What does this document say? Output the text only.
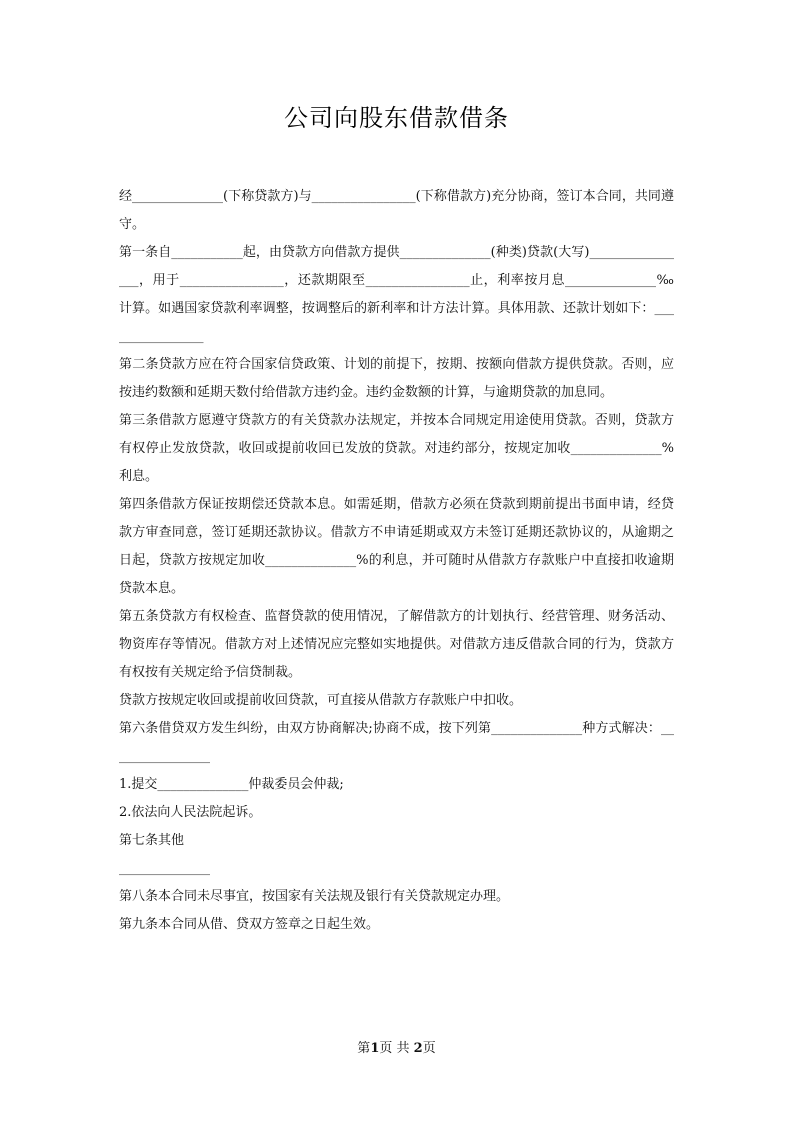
公司向股东借款借条

经______________(下称贷款方)与________________(下称借款方)充分协商，签订本合同，共同遵守。

第一条自___________起，由贷款方向借款方提供______________(种类)贷款(大写)________________，用于________________，还款期限至________________止，利率按月息______________‰计算。如遇国家贷款利率调整，按调整后的新利率和计方法计算。具体用款、还款计划如下：________________

第二条贷款方应在符合国家信贷政策、计划的前提下，按期、按额向借款方提供贷款。否则，应按违约数额和延期天数付给借款方违约金。违约金数额的计算，与逾期贷款的加息同。

第三条借款方愿遵守贷款方的有关贷款办法规定，并按本合同规定用途使用贷款。否则，贷款方有权停止发放贷款，收回或提前收回已发放的贷款。对违约部分，按规定加收______________%利息。

第四条借款方保证按期偿还贷款本息。如需延期，借款方必须在贷款到期前提出书面申请，经贷款方审查同意，签订延期还款协议。借款方不申请延期或双方未签订延期还款协议的，从逾期之日起，贷款方按规定加收______________%的利息，并可随时从借款方存款账户中直接扣收逾期贷款本息。

第五条贷款方有权检查、监督贷款的使用情况，了解借款方的计划执行、经营管理、财务活动、物资库存等情况。借款方对上述情况应完整如实地提供。对借款方违反借款合同的行为，贷款方有权按有关规定给予信贷制裁。

贷款方按规定收回或提前收回贷款，可直接从借款方存款账户中扣收。

第六条借贷双方发生纠纷，由双方协商解决;协商不成，按下列第______________种方式解决：________________

1.提交______________仲裁委员会仲裁;

2.依法向人民法院起诉。

第七条其他

______________

第八条本合同未尽事宜，按国家有关法规及银行有关贷款规定办理。

第九条本合同从借、贷双方签章之日起生效。

第1页 共 2页
